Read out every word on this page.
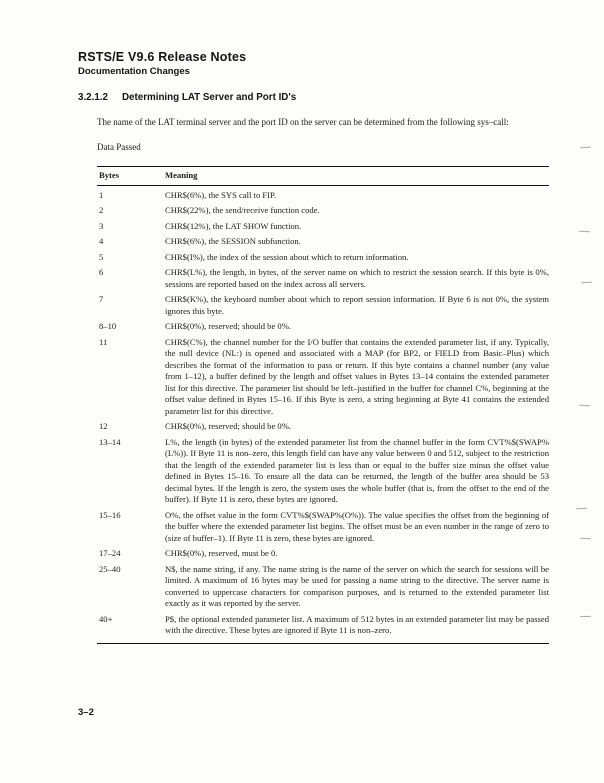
RSTS/E V9.6 Release Notes
Documentation Changes
3.2.1.2 Determining LAT Server and Port ID's
The name of the LAT terminal server and the port ID on the server can be determined from the following sys–call:
Data Passed
Bytes	Meaning
1	CHR$(6%), the SYS call to FIP.
2	CHR$(22%), the send/receive function code.
3	CHR$(12%), the LAT SHOW function.
4	CHR$(6%), the SESSION subfunction.
5	CHR$(I%), the index of the session about which to return information.
6	CHR$(L%), the length, in bytes, of the server name on which to restrict the session search. If this byte is 0%, sessions are reported based on the index across all servers.
7	CHR$(K%), the keyboard number about which to report session information. If Byte 6 is not 0%, the system ignores this byte.
8–10	CHR$(0%), reserved; should be 0%.
11	CHR$(C%), the channel number for the I/O buffer that contains the extended parameter list, if any. Typically, the null device (NL:) is opened and associated with a MAP (for BP2, or FIELD from Basic–Plus) which describes the format of the information to pass or return. If this byte contains a channel number (any value from 1–12), a buffer defined by the length and offset values in Bytes 13–14 contains the extended parameter list for this directive. The parameter list should be left–justified in the buffer for channel C%, beginning at the offset value defined in Bytes 15–16. If this Byte is zero, a string beginning at Byte 41 contains the extended parameter list for this directive.
12	CHR$(0%), reserved; should be 0%.
13–14	L%, the length (in bytes) of the extended parameter list from the channel buffer in the form CVT%$(SWAP%(L%)). If Byte 11 is non–zero, this length field can have any value between 0 and 512, subject to the restriction that the length of the extended parameter list is less than or equal to the buffer size minus the offset value defined in Bytes 15–16. To ensure all the data can be returned, the length of the buffer area should be 53 decimal bytes. If the length is zero, the system uses the whole buffer (that is, from the offset to the end of the buffer). If Byte 11 is zero, these bytes are ignored.
15–16	O%, the offset value in the form CVT%$(SWAP%(O%)). The value specifies the offset from the beginning of the buffer where the extended parameter list begins. The offset must be an even number in the range of zero to (size of buffer–1). If Byte 11 is zero, these bytes are ignored.
17–24	CHR$(0%), reserved, must be 0.
25–40	N$, the name string, if any. The name string is the name of the server on which the search for sessions will be limited. A maximum of 16 bytes may be used for passing a name string to the directive. The server name is converted to uppercase characters for comparison purposes, and is returned to the extended parameter list exactly as it was reported by the server.
40+	P$, the optional extended parameter list. A maximum of 512 bytes in an extended parameter list may be passed with the directive. These bytes are ignored if Byte 11 is non–zero.
3–2
